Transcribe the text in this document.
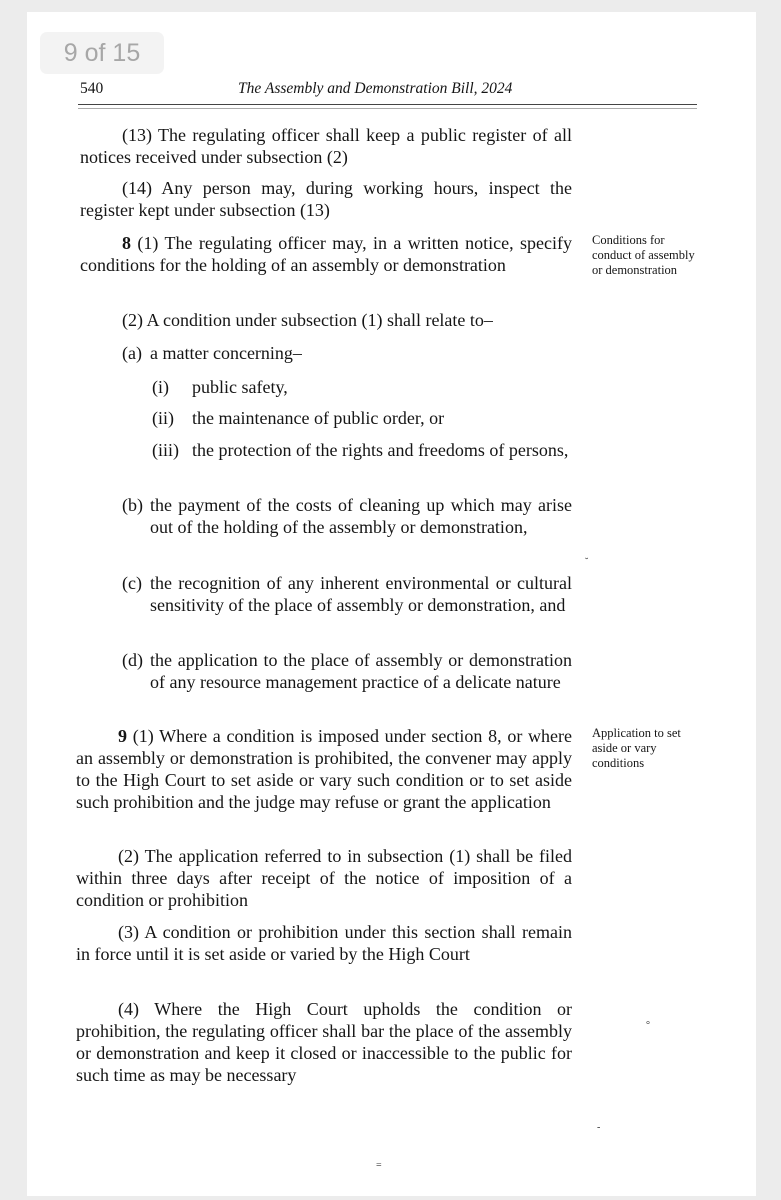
9 of 15
540	The Assembly and Demonstration Bill, 2024
(13) The regulating officer shall keep a public register of all notices received under subsection (2)
(14) Any person may, during working hours, inspect the register kept under subsection (13)
8 (1) The regulating officer may, in a written notice, specify conditions for the holding of an assembly or demonstration
(2) A condition under subsection (1) shall relate to–
(a) a matter concerning–
(i) public safety,
(ii) the maintenance of public order, or
(iii) the protection of the rights and freedoms of persons,
(b) the payment of the costs of cleaning up which may arise out of the holding of the assembly or demonstration,
(c) the recognition of any inherent environmental or cultural sensitivity of the place of assembly or demonstration, and
(d) the application to the place of assembly or demonstration of any resource management practice of a delicate nature
9 (1) Where a condition is imposed under section 8, or where an assembly or demonstration is prohibited, the convener may apply to the High Court to set aside or vary such condition or to set aside such prohibition and the judge may refuse or grant the application
(2) The application referred to in subsection (1) shall be filed within three days after receipt of the notice of imposition of a condition or prohibition
(3) A condition or prohibition under this section shall remain in force until it is set aside or varied by the High Court
(4) Where the High Court upholds the condition or prohibition, the regulating officer shall bar the place of the assembly or demonstration and keep it closed or inaccessible to the public for such time as may be necessary
Conditions for conduct of assembly or demonstration
Application to set aside or vary conditions
˘
°
-
=
